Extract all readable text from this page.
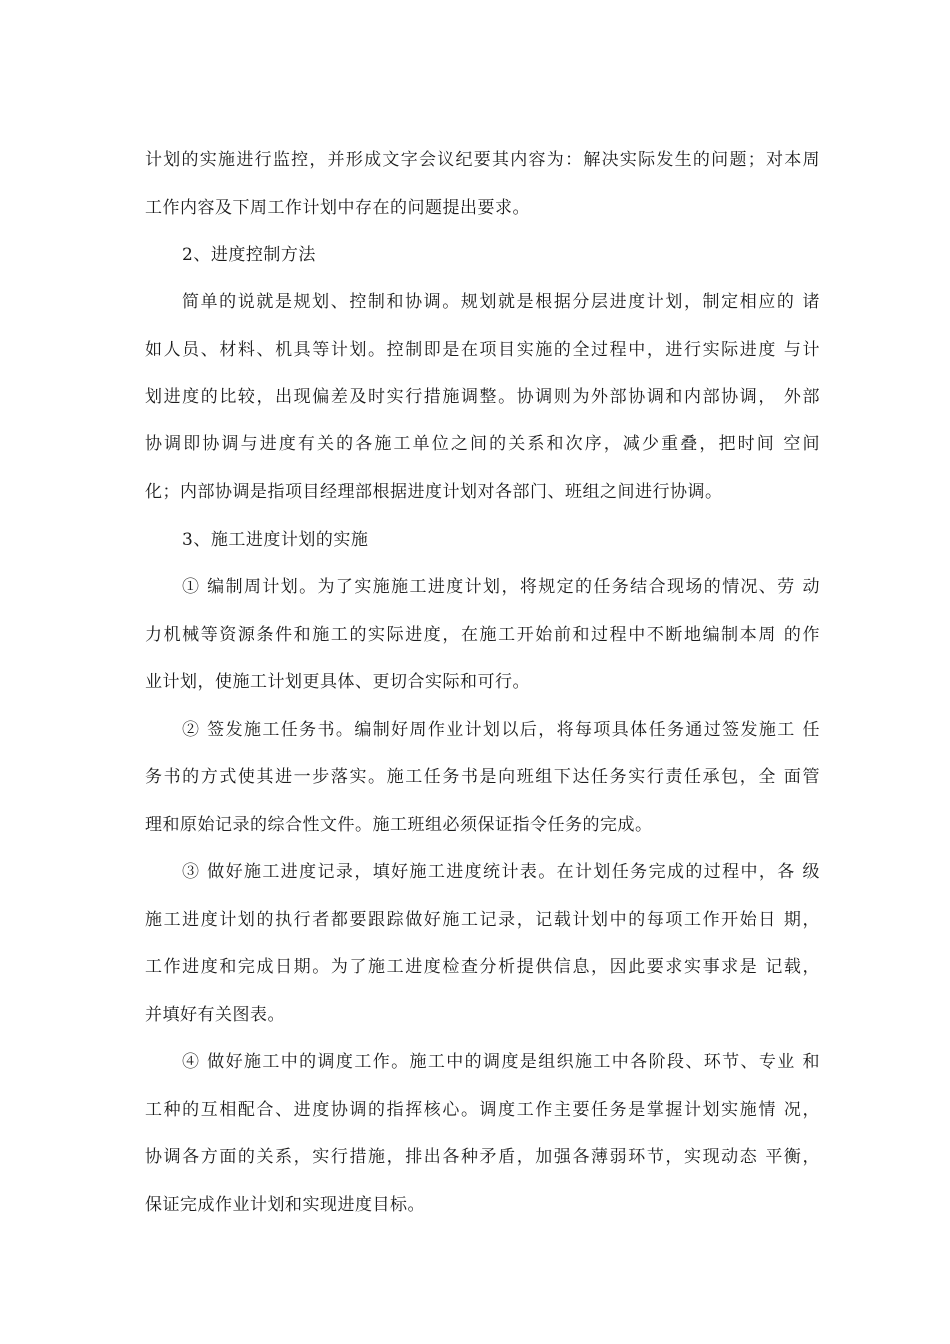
计划的实施进行监控，并形成文字会议纪要其内容为：解决实际发生的问题；对本周
工作内容及下周工作计划中存在的问题提出要求。
2、进度控制方法
简单的说就是规划、控制和协调。规划就是根据分层进度计划，制定相应的 诸
如人员、材料、机具等计划。控制即是在项目实施的全过程中，进行实际进度 与计
划进度的比较，出现偏差及时实行措施调整。协调则为外部协调和内部协调， 外部
协调即协调与进度有关的各施工单位之间的关系和次序，减少重叠，把时间 空间
化；内部协调是指项目经理部根据进度计划对各部门、班组之间进行协调。
3、施工进度计划的实施
① 编制周计划。为了实施施工进度计划，将规定的任务结合现场的情况、劳 动
力机械等资源条件和施工的实际进度，在施工开始前和过程中不断地编制本周 的作
业计划，使施工计划更具体、更切合实际和可行。
② 签发施工任务书。编制好周作业计划以后，将每项具体任务通过签发施工 任
务书的方式使其进一步落实。施工任务书是向班组下达任务实行责任承包，全 面管
理和原始记录的综合性文件。施工班组必须保证指令任务的完成。
③ 做好施工进度记录，填好施工进度统计表。在计划任务完成的过程中，各 级
施工进度计划的执行者都要跟踪做好施工记录，记载计划中的每项工作开始日 期，
工作进度和完成日期。为了施工进度检查分析提供信息，因此要求实事求是 记载，
并填好有关图表。
④ 做好施工中的调度工作。施工中的调度是组织施工中各阶段、环节、专业 和
工种的互相配合、进度协调的指挥核心。调度工作主要任务是掌握计划实施情 况，
协调各方面的关系，实行措施，排出各种矛盾，加强各薄弱环节，实现动态 平衡，
保证完成作业计划和实现进度目标。
